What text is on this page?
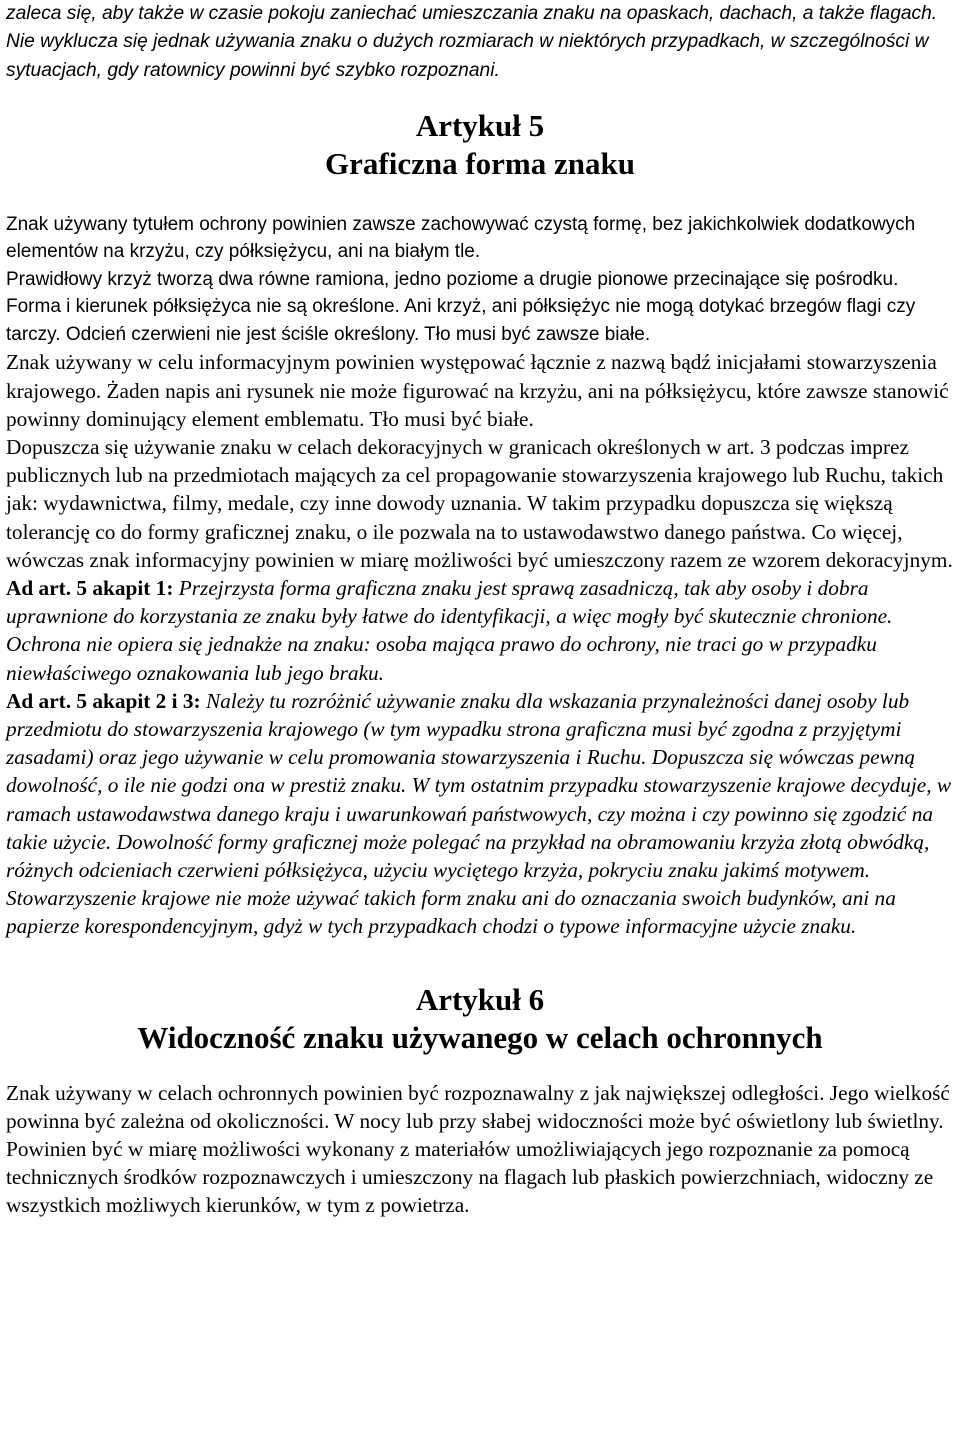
zaleca się, aby także w czasie pokoju zaniechać umieszczania znaku na opaskach, dachach, a także flagach. Nie wyklucza się jednak używania znaku o dużych rozmiarach w niektórych przypadkach, w szczególności w sytuacjach, gdy ratownicy powinni być szybko rozpoznani.

Artykuł 5
Graficzna forma znaku

Znak używany tytułem ochrony powinien zawsze zachowywać czystą formę, bez jakichkolwiek dodatkowych elementów na krzyżu, czy półksiężycu, ani na białym tle.

Prawidłowy krzyż tworzą dwa równe ramiona, jedno poziome a drugie pionowe przecinające się pośrodku. Forma i kierunek półksiężyca nie są określone. Ani krzyż, ani półksiężyc nie mogą dotykać brzegów flagi czy tarczy. Odcień czerwieni nie jest ściśle określony. Tło musi być zawsze białe.

Znak używany w celu informacyjnym powinien występować łącznie z nazwą bądź inicjałami stowarzyszenia krajowego. Żaden napis ani rysunek nie może figurować na krzyżu, ani na półksiężycu, które zawsze stanowić powinny dominujący element emblematu. Tło musi być białe.

Dopuszcza się używanie znaku w celach dekoracyjnych w granicach określonych w art. 3 podczas imprez publicznych lub na przedmiotach mających za cel propagowanie stowarzyszenia krajowego lub Ruchu, takich jak: wydawnictwa, filmy, medale, czy inne dowody uznania. W takim przypadku dopuszcza się większą tolerancję co do formy graficznej znaku, o ile pozwala na to ustawodawstwo danego państwa. Co więcej, wówczas znak informacyjny powinien w miarę możliwości być umieszczony razem ze wzorem dekoracyjnym.

Ad art. 5 akapit 1: Przejrzysta forma graficzna znaku jest sprawą zasadniczą, tak aby osoby i dobra uprawnione do korzystania ze znaku były łatwe do identyfikacji, a więc mogły być skutecznie chronione. Ochrona nie opiera się jednakże na znaku: osoba mająca prawo do ochrony, nie traci go w przypadku niewłaściwego oznakowania lub jego braku.

Ad art. 5 akapit 2 i 3: Należy tu rozróżnić używanie znaku dla wskazania przynależności danej osoby lub przedmiotu do stowarzyszenia krajowego (w tym wypadku strona graficzna musi być zgodna z przyjętymi zasadami) oraz jego używanie w celu promowania stowarzyszenia i Ruchu. Dopuszcza się wówczas pewną dowolność, o ile nie godzi ona w prestiż znaku. W tym ostatnim przypadku stowarzyszenie krajowe decyduje, w ramach ustawodawstwa danego kraju i uwarunkowań państwowych, czy można i czy powinno się zgodzić na takie użycie. Dowolność formy graficznej może polegać na przykład na obramowaniu krzyża złotą obwódką, różnych odcieniach czerwieni półksiężyca, użyciu wyciętego krzyża, pokryciu znaku jakimś motywem. Stowarzyszenie krajowe nie może używać takich form znaku ani do oznaczania swoich budynków, ani na papierze korespondencyjnym, gdyż w tych przypadkach chodzi o typowe informacyjne użycie znaku.

Artykuł 6
Widoczność znaku używanego w celach ochronnych

Znak używany w celach ochronnych powinien być rozpoznawalny z jak największej odległości. Jego wielkość powinna być zależna od okoliczności. W nocy lub przy słabej widoczności może być oświetlony lub świetlny. Powinien być w miarę możliwości wykonany z materiałów umożliwiających jego rozpoznanie za pomocą technicznych środków rozpoznawczych i umieszczony na flagach lub płaskich powierzchniach, widoczny ze wszystkich możliwych kierunków, w tym z powietrza.
